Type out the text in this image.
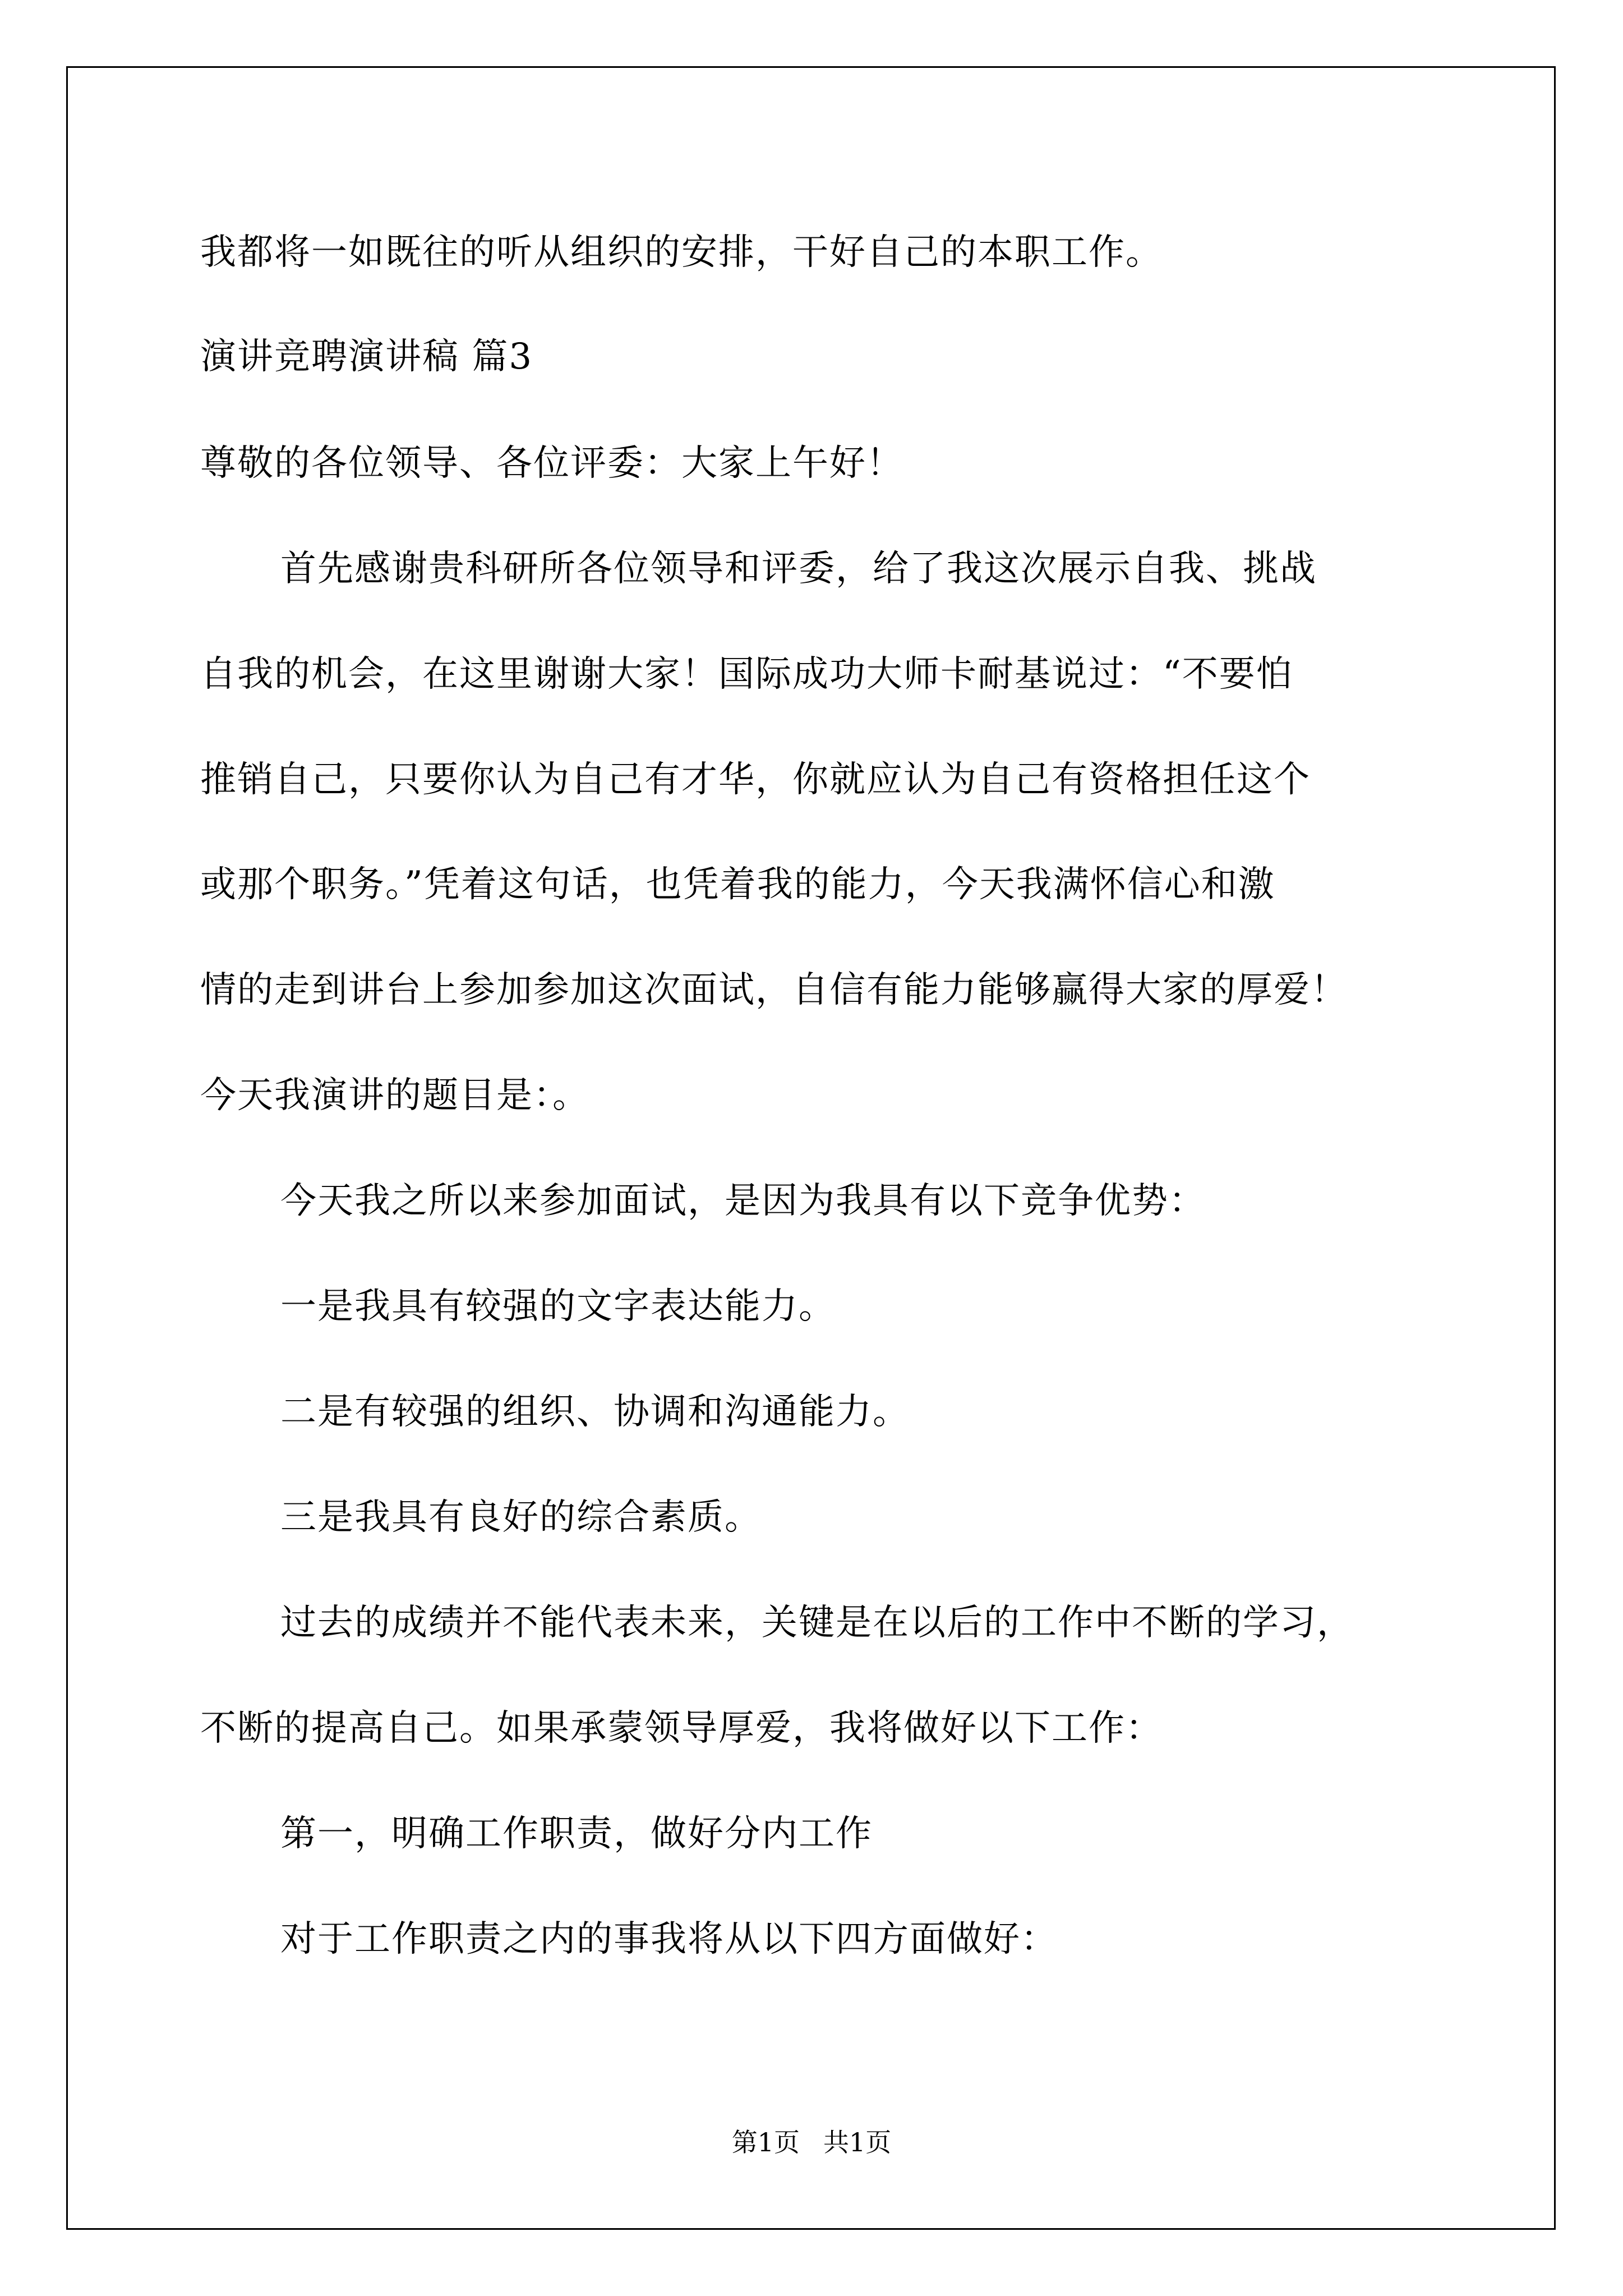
我都将一如既往的听从组织的安排，干好自己的本职工作。
演讲竞聘演讲稿 篇3
尊敬的各位领导、各位评委：大家上午好！
首先感谢贵科研所各位领导和评委，给了我这次展示自我、挑战
自我的机会，在这里谢谢大家！国际成功大师卡耐基说过：“不要怕
推销自己，只要你认为自己有才华，你就应认为自己有资格担任这个
或那个职务。”凭着这句话，也凭着我的能力，今天我满怀信心和激
情的走到讲台上参加参加这次面试，自信有能力能够赢得大家的厚爱！
今天我演讲的题目是：。
今天我之所以来参加面试，是因为我具有以下竞争优势：
一是我具有较强的文字表达能力。
二是有较强的组织、协调和沟通能力。
三是我具有良好的综合素质。
过去的成绩并不能代表未来，关键是在以后的工作中不断的学习，
不断的提高自己。如果承蒙领导厚爱，我将做好以下工作：
第一，明确工作职责，做好分内工作
对于工作职责之内的事我将从以下四方面做好：
第1页 共1页
